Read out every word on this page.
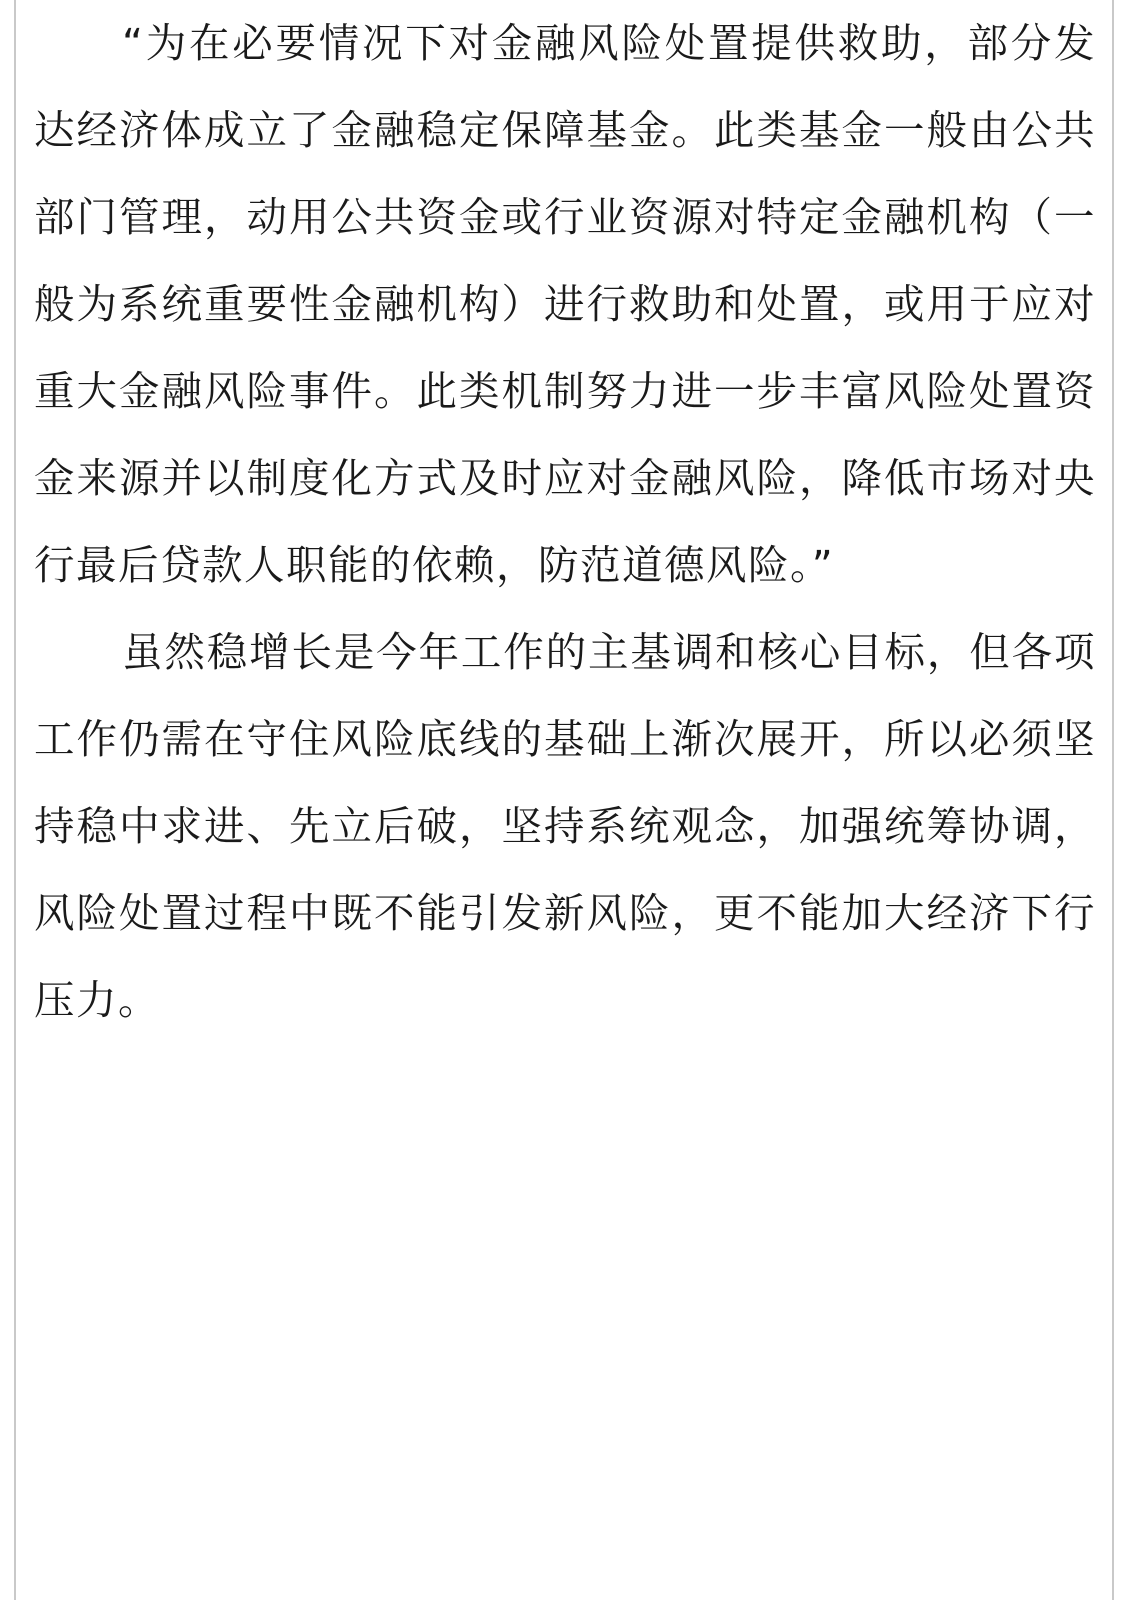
“为在必要情况下对金融风险处置提供救助，部分发达经济体成立了金融稳定保障基金。此类基金一般由公共部门管理，动用公共资金或行业资源对特定金融机构（一般为系统重要性金融机构）进行救助和处置，或用于应对重大金融风险事件。此类机制努力进一步丰富风险处置资金来源并以制度化方式及时应对金融风险，降低市场对央行最后贷款人职能的依赖，防范道德风险。”

虽然稳增长是今年工作的主基调和核心目标，但各项工作仍需在守住风险底线的基础上渐次展开，所以必须坚持稳中求进、先立后破，坚持系统观念，加强统筹协调，风险处置过程中既不能引发新风险，更不能加大经济下行压力。
